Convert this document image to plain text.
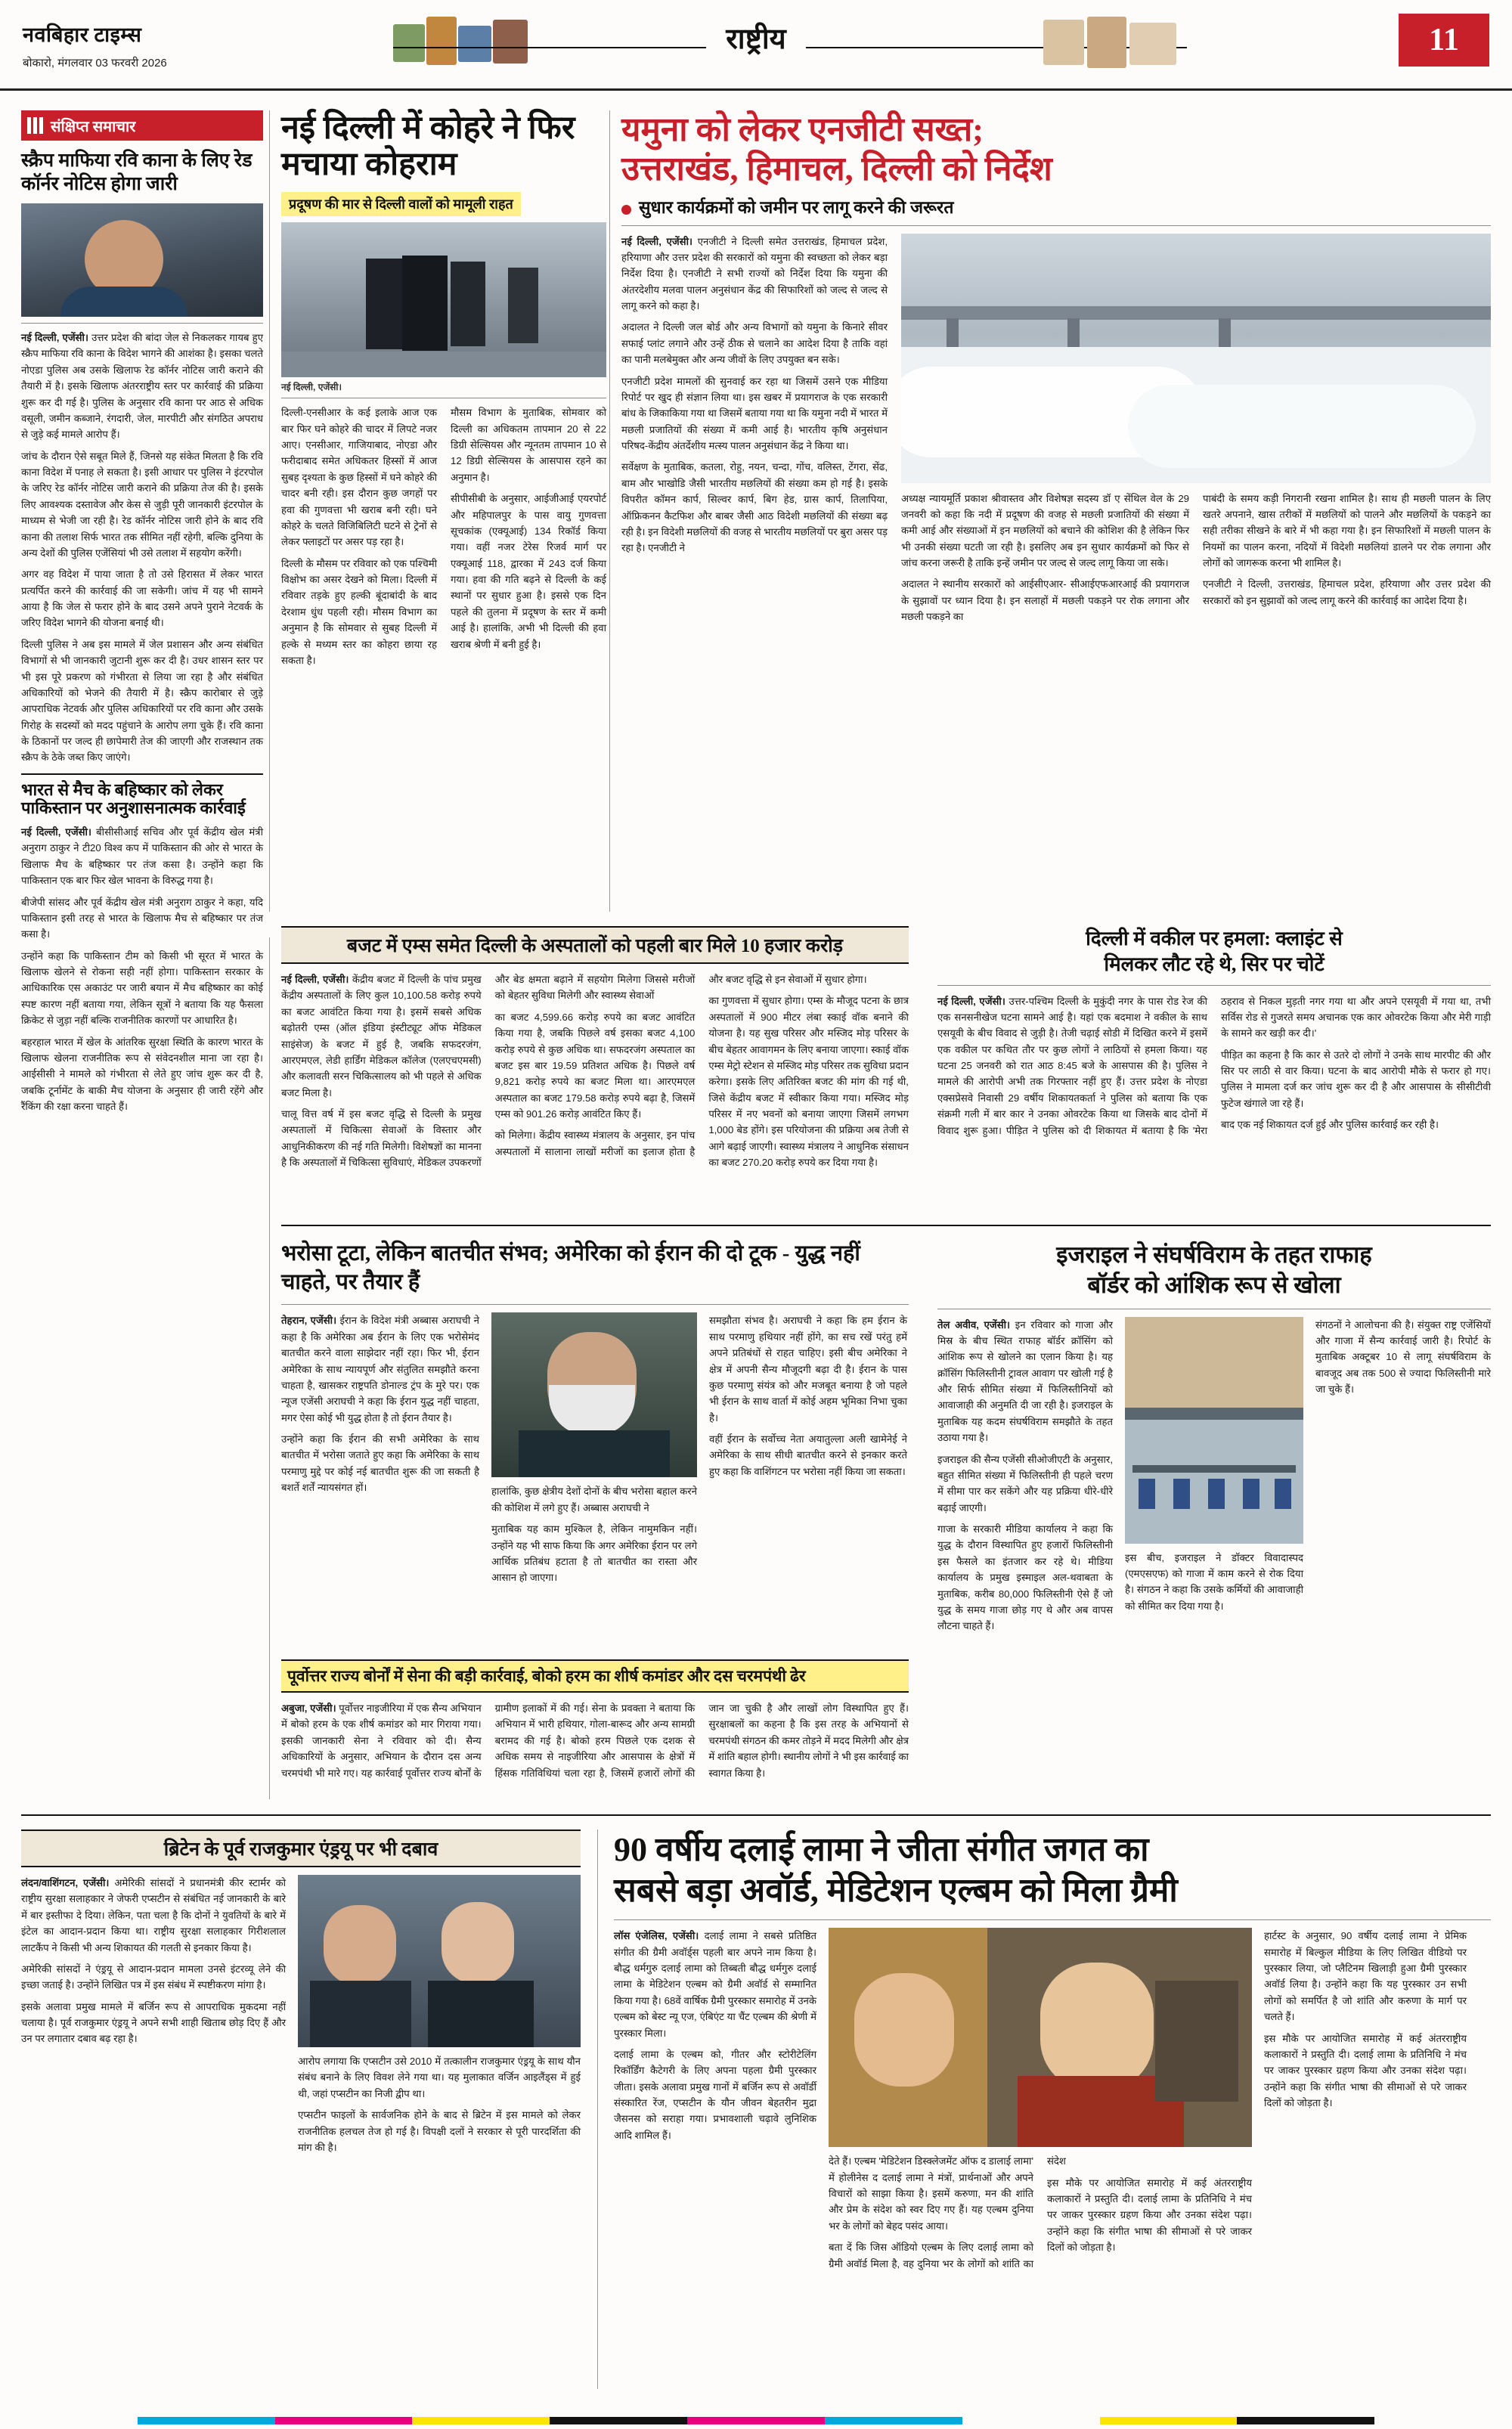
नवबिहार टाइम्स
बोकारो, मंगलवार 03 फरवरी 2026
राष्ट्रीय	11
संक्षिप्त समाचार
स्क्रैप माफिया रवि काना के लिए रेड कॉर्नर नोटिस होगा जारी

नई दिल्ली, एजेंसी। उत्तर प्रदेश की बांदा जेल से निकलकर गायब हुए स्क्रैप माफिया रवि काना के विदेश भागने की आशंका है। इसका चलते नोएडा पुलिस अब उसके खिलाफ रेड कॉर्नर नोटिस जारी कराने की तैयारी में है। इसके खिलाफ अंतरराष्ट्रीय स्तर पर कार्रवाई की प्रक्रिया शुरू कर दी गई है। पुलिस के अनुसार रवि काना पर आठ से अधिक वसूली, जमीन कब्जाने, रंगदारी, जेल, मारपीटी और संगठित अपराध से जुड़े कई मामले आरोप हैं।

जांच के दौरान ऐसे सबूत मिले हैं, जिनसे यह संकेत मिलता है कि रवि काना विदेश में पनाह ले सकता है। इसी आधार पर पुलिस ने इंटरपोल के जरिए रेड कॉर्नर नोटिस जारी कराने की प्रक्रिया तेज की है। इसके लिए आवश्यक दस्तावेज और केस से जुड़ी पूरी जानकारी इंटरपोल के माध्यम से भेजी जा रही है। रेड कॉर्नर नोटिस जारी होने के बाद रवि काना की तलाश सिर्फ भारत तक सीमित नहीं रहेगी, बल्कि दुनिया के अन्य देशों की पुलिस एजेंसियां भी उसे तलाश में सहयोग करेंगी।

अगर वह विदेश में पाया जाता है तो उसे हिरासत में लेकर भारत प्रत्यर्पित करने की कार्रवाई की जा सकेगी। जांच में यह भी सामने आया है कि जेल से फरार होने के बाद उसने अपने पुराने नेटवर्क के जरिए विदेश भागने की योजना बनाई थी।

दिल्ली पुलिस ने अब इस मामले में जेल प्रशासन और अन्य संबंधित विभागों से भी जानकारी जुटानी शुरू कर दी है। उधर शासन स्तर पर भी इस पूरे प्रकरण को गंभीरता से लिया जा रहा है और संबंधित अधिकारियों को भेजने की तैयारी में है। स्क्रैप कारोबार से जुड़े आपराधिक नेटवर्क और पुलिस अधिकारियों पर रवि काना और उसके गिरोह के सदस्यों को मदद पहुंचाने के आरोप लगा चुके हैं। रवि काना के ठिकानों पर जल्द ही छापेमारी तेज की जाएगी और राजस्थान तक स्क्रैप के ठेके जब्त किए जाएंगे।

भारत से मैच के बहिष्कार को लेकर पाकिस्तान पर अनुशासनात्मक कार्रवाई

नई दिल्ली, एजेंसी। बीसीसीआई सचिव और पूर्व केंद्रीय खेल मंत्री अनुराग ठाकुर ने टी20 विश्व कप में पाकिस्तान की ओर से भारत के खिलाफ मैच के बहिष्कार पर तंज कसा है। उन्होंने कहा कि पाकिस्तान एक बार फिर खेल भावना के विरुद्ध गया है।

बीजेपी सांसद और पूर्व केंद्रीय खेल मंत्री अनुराग ठाकुर ने कहा, यदि पाकिस्तान इसी तरह से भारत के खिलाफ मैच से बहिष्कार पर तंज कसा है।

उन्होंने कहा कि पाकिस्तान टीम को किसी भी सूरत में भारत के खिलाफ खेलने से रोकना सही नहीं होगा। पाकिस्तान सरकार के आधिकारिक एस अकाउंट पर जारी बयान में मैच बहिष्कार का कोई स्पष्ट कारण नहीं बताया गया, लेकिन सूत्रों ने बताया कि यह फैसला क्रिकेट से जुड़ा नहीं बल्कि राजनीतिक कारणों पर आधारित है।

बहरहाल भारत में खेल के आंतरिक सुरक्षा स्थिति के कारण भारत के खिलाफ खेलना राजनीतिक रूप से संवेदनशील माना जा रहा है। आईसीसी ने मामले को गंभीरता से लेते हुए जांच शुरू कर दी है, जबकि टूर्नामेंट के बाकी मैच योजना के अनुसार ही जारी रहेंगे और रैंकिंग की रक्षा करना चाहते हैं।

नई दिल्ली में कोहरे ने फिर मचाया कोहराम
प्रदूषण की मार से दिल्ली वालों को मामूली राहत
नई दिल्ली, एजेंसी।

दिल्ली-एनसीआर के कई इलाके आज एक बार फिर घने कोहरे की चादर में लिपटे नजर आए। एनसीआर, गाजियाबाद, नोएडा और फरीदाबाद समेत अधिकतर हिस्सों में आज सुबह दृश्यता के कुछ हिस्सों में घने कोहरे की चादर बनी रही। इस दौरान कुछ जगहों पर हवा की गुणवत्ता भी खराब बनी रही। घने कोहरे के चलते विजिबिलिटी घटने से ट्रेनों से लेकर फ्लाइटों पर असर पड़ रहा है।

दिल्ली के मौसम पर रविवार को एक पश्चिमी विक्षोभ का असर देखने को मिला। दिल्ली में रविवार तड़के हुए हल्की बूंदाबांदी के बाद देरशाम धुंध पहली रही। मौसम विभाग का अनुमान है कि सोमवार से सुबह दिल्ली में हल्के से मध्यम स्तर का कोहरा छाया रह सकता है।

मौसम विभाग के मुताबिक, सोमवार को दिल्ली का अधिकतम तापमान 20 से 22 डिग्री सेल्सियस और न्यूनतम तापमान 10 से 12 डिग्री सेल्सियस के आसपास रहने का अनुमान है।

सीपीसीबी के अनुसार, आईजीआई एयरपोर्ट और महिपालपुर के पास वायु गुणवत्ता सूचकांक (एक्यूआई) 134 रिकॉर्ड किया गया। वहीं नजर टेरेस रिजर्व मार्ग पर एक्यूआई 118, द्वारका में 243 दर्ज किया गया। हवा की गति बढ़ने से दिल्ली के कई स्थानों पर सुधार हुआ है। इससे एक दिन पहले की तुलना में प्रदूषण के स्तर में कमी आई है। हालांकि, अभी भी दिल्ली की हवा खराब श्रेणी में बनी हुई है।

यमुना को लेकर एनजीटी सख्त;
उत्तराखंड, हिमाचल, दिल्ली को निर्देश
सुधार कार्यक्रमों को जमीन पर लागू करने की जरूरत

नई दिल्ली, एजेंसी। एनजीटी ने दिल्ली समेत उत्तराखंड, हिमाचल प्रदेश, हरियाणा और उत्तर प्रदेश की सरकारों को यमुना की स्वच्छता को लेकर बड़ा निर्देश दिया है। एनजीटी ने सभी राज्यों को निर्देश दिया कि यमुना की अंतरदेशीय मलवा पालन अनुसंधान केंद्र की सिफारिशों को जल्द से जल्द से लागू करने को कहा है।

अदालत ने दिल्ली जल बोर्ड और अन्य विभागों को यमुना के किनारे सीवर सफाई प्लांट लगाने और उन्हें ठीक से चलाने का आदेश दिया है ताकि वहां का पानी मलबेमुक्त और अन्य जीवों के लिए उपयुक्त बन सके।

एनजीटी प्रदेश मामलों की सुनवाई कर रहा था जिसमें उसने एक मीडिया रिपोर्ट पर खुद ही संज्ञान लिया था। इस खबर में प्रयागराज के एक सरकारी बांध के जिकाकिया गया था जिसमें बताया गया था कि यमुना नदी में भारत में मछली प्रजातियों की संख्या में कमी आई है। भारतीय कृषि अनुसंधान परिषद-केंद्रीय अंतर्देशीय मत्स्य पालन अनुसंधान केंद्र ने किया था।

सर्वेक्षण के मुताबिक, कतला, रोहु, नयन, चन्दा, गोंच, वलिस्त, टेंगरा, सेंढ, बाम और भाखोडि जैसी भारतीय मछलियों की संख्या कम हो गई है। इसके विपरीत कॉमन कार्प, सिल्वर कार्प, बिग हेड, ग्रास कार्प, तिलापिया, ऑफ्रिकनन कैटफिश और बाबर जैसी आठ विदेशी मछलियों की संख्या बढ़ रही है। इन विदेशी मछलियों की वजह से भारतीय मछलियों पर बुरा असर पड़ रहा है। एनजीटी ने

अध्यक्ष न्यायमूर्ति प्रकाश श्रीवास्तव और विशेषज्ञ सदस्य डॉ ए सेंथिल वेल के 29 जनवरी को कहा कि नदी में प्रदूषण की वजह से मछली प्रजातियों की संख्या में कमी आई और संख्याओं में इन मछलियों को बचाने की कोशिश की है लेकिन फिर भी उनकी संख्या घटती जा रही है। इसलिए अब इन सुधार कार्यक्रमों को फिर से जांच करना जरूरी है ताकि इन्हें जमीन पर जल्द से जल्द लागू किया जा सके।

अदालत ने स्थानीय सरकारों को आईसीएआर- सीआईएफआरआई की प्रयागराज के सुझावों पर ध्यान दिया है। इन सलाहों में मछली पकड़ने पर रोक लगाना और मछली पकड़ने का

पाबंदी के समय कड़ी निगरानी रखना शामिल है। साथ ही मछली पालन के लिए खतरे अपनाने, खास तरीकों में मछलियों को पालने और मछलियों के पकड़ने का सही तरीका सीखने के बारे में भी कहा गया है। इन सिफारिशों में मछली पालन के नियमों का पालन करना, नदियों में विदेशी मछलियां डालने पर रोक लगाना और लोगों को जागरूक करना भी शामिल है।

एनजीटी ने दिल्ली, उत्तराखंड, हिमाचल प्रदेश, हरियाणा और उत्तर प्रदेश की सरकारों को इन सुझावों को जल्द लागू करने की कार्रवाई का आदेश दिया है।

बजट में एम्स समेत दिल्ली के अस्पतालों को पहली बार मिले 10 हजार करोड़

नई दिल्ली, एजेंसी। केंद्रीय बजट में दिल्ली के पांच प्रमुख केंद्रीय अस्पतालों के लिए कुल 10,100.58 करोड़ रुपये का बजट आवंटित किया गया है। इसमें सबसे अधिक बढ़ोतरी एम्स (ऑल इंडिया इंस्टीट्यूट ऑफ मेडिकल साइंसेज) के बजट में हुई है, जबकि सफदरजंग, आरएमएल, लेडी हार्डिंग मेडिकल कॉलेज (एलएचएमसी) और कलावती सरन चिकित्सालय को भी पहले से अधिक बजट मिला है।

चालू वित्त वर्ष में इस बजट वृद्धि से दिल्ली के प्रमुख अस्पतालों में चिकित्सा सेवाओं के विस्तार और आधुनिकीकरण की नई गति मिलेगी। विशेषज्ञों का मानना है कि अस्पतालों में चिकित्सा सुविधाएं, मेडिकल उपकरणों और बेड क्षमता बढ़ाने में सहयोग मिलेगा जिससे मरीजों को बेहतर सुविधा मिलेगी और स्वास्थ्य सेवाओं

का बजट 4,599.66 करोड़ रुपये का बजट आवंटित किया गया है, जबकि पिछले वर्ष इसका बजट 4,100 करोड़ रुपये से कुछ अधिक था। सफदरजंग अस्पताल का बजट इस बार 19.59 प्रतिशत अधिक है। पिछले वर्ष 9,821 करोड़ रुपये का बजट मिला था। आरएमएल अस्पताल का बजट 179.58 करोड़ रुपये बढ़ा है, जिसमें एम्स को 901.26 करोड़ आवंटित किए हैं।

को मिलेगा। केंद्रीय स्वास्थ्य मंत्रालय के अनुसार, इन पांच अस्पतालों में सालाना लाखों मरीजों का इलाज होता है और बजट वृद्धि से इन सेवाओं में सुधार होगा।

का गुणवत्ता में सुधार होगा। एम्स के मौजूद पटना के छात्र अस्पतालों में 900 मीटर लंबा स्काई वॉक बनाने की योजना है। यह सुख परिसर और मस्जिद मोड़ परिसर के बीच बेहतर आवागमन के लिए बनाया जाएगा। स्काई वॉक एम्स मेट्रो स्टेशन से मस्जिद मोड़ परिसर तक सुविधा प्रदान करेगा। इसके लिए अतिरिक्त बजट की मांग की गई थी, जिसे केंद्रीय बजट में स्वीकार किया गया। मस्जिद मोड़ परिसर में नए भवनों को बनाया जाएगा जिसमें लगभग 1,000 बेड होंगे। इस परियोजना की प्रक्रिया अब तेजी से आगे बढ़ाई जाएगी। स्वास्थ्य मंत्रालय ने आधुनिक संसाधन का बजट 270.20 करोड़ रुपये कर दिया गया है।

दिल्ली में वकील पर हमला: क्लाइंट से
मिलकर लौट रहे थे, सिर पर चोटें

नई दिल्ली, एजेंसी। उत्तर-पश्चिम दिल्ली के मुकुंदी नगर के पास रोड रेज की एक सनसनीखेज घटना सामने आई है। यहां एक बदमाश ने वकील के साथ एसयूवी के बीच विवाद से जुड़ी है। तेजी चढ़ाई सोडी में दिखित करने में इसमें एक वकील पर कथित तौर पर कुछ लोगों ने लाठियों से हमला किया। यह घटना 25 जनवरी को रात आठ 8:45 बजे के आसपास की है। पुलिस ने मामले की आरोपी अभी तक गिरफ्तार नहीं हुए हैं। उत्तर प्रदेश के नोएडा एक्सप्रेसवे निवासी 29 वर्षीय शिकायतकर्ता ने पुलिस को बताया कि एक संक्रमी गली में बार कार ने उनका ओवरटेक किया था जिसके बाद दोनों में विवाद शुरू हुआ। पीड़ित ने पुलिस को दी शिकायत में बताया है कि 'मेरा ठहराव से निकल मुड़ती नगर गया था और अपने एसयूवी में गया था, तभी सर्विस रोड से गुजरते समय अचानक एक कार ओवरटेक किया और मेरी गाड़ी के सामने कर खड़ी कर दी।'

पीड़ित का कहना है कि कार से उतरे दो लोगों ने उनके साथ मारपीट की और सिर पर लाठी से वार किया। घटना के बाद आरोपी मौके से फरार हो गए। पुलिस ने मामला दर्ज कर जांच शुरू कर दी है और आसपास के सीसीटीवी फुटेज खंगाले जा रहे हैं।

बाद एक नई शिकायत दर्ज हुई और पुलिस कार्रवाई कर रही है।

भरोसा टूटा, लेकिन बातचीत संभव; अमेरिका को ईरान की दो टूक - युद्ध नहीं चाहते, पर तैयार हैं

तेहरान, एजेंसी। ईरान के विदेश मंत्री अब्बास अराघची ने कहा है कि अमेरिका अब ईरान के लिए एक भरोसेमंद बातचीत करने वाला साझेदार नहीं रहा। फिर भी, ईरान अमेरिका के साथ न्यायपूर्ण और संतुलित समझौते करना चाहता है, खासकर राष्ट्रपति डोनाल्ड ट्रंप के मुरे पर। एक न्यूज एजेंसी अराघची ने कहा कि ईरान युद्ध नहीं चाहता, मगर ऐसा कोई भी युद्ध होता है तो ईरान तैयार है।

उन्होंने कहा कि ईरान की सभी अमेरिका के साथ बातचीत में भरोसा जताते हुए कहा कि अमेरिका के साथ परमाणु मुद्दे पर कोई नई बातचीत शुरू की जा सकती है बशर्ते शर्तें न्यायसंगत हों।	हालांकि, कुछ क्षेत्रीय देशों दोनों के बीच भरोसा बहाल करने की कोशिश में लगे हुए हैं। अब्बास अराघची ने

मुताबिक यह काम मुश्किल है, लेकिन नामुमकिन नहीं। उन्होंने यह भी साफ किया कि अगर अमेरिका ईरान पर लगे आर्थिक प्रतिबंध हटाता है तो बातचीत का रास्ता और आसान हो जाएगा।

समझौता संभव है। अराघची ने कहा कि हम ईरान के साथ परमाणु हथियार नहीं होंगे, का सच रखें परंतु हमें अपने प्रतिबंधों से राहत चाहिए। इसी बीच अमेरिका ने क्षेत्र में अपनी सैन्य मौजूदगी बढ़ा दी है। ईरान के पास कुछ परमाणु संयंत्र को और मजबूत बनाया है जो पहले भी ईरान के साथ वार्ता में कोई अहम भूमिका निभा चुका है।

वहीं ईरान के सर्वोच्च नेता अयातुल्ला अली खामेनेई ने अमेरिका के साथ सीधी बातचीत करने से इनकार करते हुए कहा कि वाशिंगटन पर भरोसा नहीं किया जा सकता।

इजराइल ने संघर्षविराम के तहत राफाह
बॉर्डर को आंशिक रूप से खोला

तेल अवीव, एजेंसी। इन रविवार को गाजा और मिस्र के बीच स्थित राफाह बॉर्डर क्रॉसिंग को आंशिक रूप से खोलने का एलान किया है। यह क्रॉसिंग फिलिस्तीनी ट्रावल आवाग पर खोली गई है और सिर्फ सीमित संख्या में फिलिस्तीनियों को आवाजाही की अनुमति दी जा रही है। इजराइल के मुताबिक यह कदम संघर्षविराम समझौते के तहत उठाया गया है।

इजराइल की सैन्य एजेंसी सीओजीएटी के अनुसार, बहुत सीमित संख्या में फिलिस्तीनी ही पहले चरण में सीमा पार कर सकेंगे और यह प्रक्रिया धीरे-धीरे बढ़ाई जाएगी।

गाजा के सरकारी मीडिया कार्यालय ने कहा कि युद्ध के दौरान विस्थापित हुए हजारों फिलिस्तीनी इस फैसले का इंतजार कर रहे थे। मीडिया कार्यालय के प्रमुख इस्माइल अल-थवाबता के मुताबिक, करीब 80,000 फिलिस्तीनी ऐसे हैं जो युद्ध के समय गाजा छोड़ गए थे और अब वापस लौटना चाहते हैं।

इस बीच, इजराइल ने डॉक्टर विवादास्पद (एमएसएफ) को गाजा में काम करने से रोक दिया है। संगठन ने कहा कि उसके कर्मियों की आवाजाही को सीमित कर दिया गया है।

संगठनों ने आलोचना की है। संयुक्त राष्ट्र एजेंसियों और गाजा में सैन्य कार्रवाई जारी है। रिपोर्ट के मुताबिक अक्टूबर 10 से लागू संघर्षविराम के बावजूद अब तक 500 से ज्यादा फिलिस्तीनी मारे जा चुके हैं।

पूर्वोत्तर राज्य बोर्नों में सेना की बड़ी कार्रवाई, बोको हरम का शीर्ष कमांडर और दस चरमपंथी ढेर

अबुजा, एजेंसी। पूर्वोत्तर नाइजीरिया में एक सैन्य अभियान में बोको हरम के एक शीर्ष कमांडर को मार गिराया गया। इसकी जानकारी सेना ने रविवार को दी। सैन्य अधिकारियों के अनुसार, अभियान के दौरान दस अन्य चरमपंथी भी मारे गए। यह कार्रवाई पूर्वोत्तर राज्य बोर्नों के ग्रामीण इलाकों में की गई। सेना के प्रवक्ता ने बताया कि अभियान में भारी हथियार, गोला-बारूद और अन्य सामग्री बरामद की गई है। बोको हरम पिछले एक दशक से अधिक समय से नाइजीरिया और आसपास के क्षेत्रों में हिंसक गतिविधियां चला रहा है, जिसमें हजारों लोगों की जान जा चुकी है और लाखों लोग विस्थापित हुए हैं। सुरक्षाबलों का कहना है कि इस तरह के अभियानों से चरमपंथी संगठन की कमर तोड़ने में मदद मिलेगी और क्षेत्र में शांति बहाल होगी। स्थानीय लोगों ने भी इस कार्रवाई का स्वागत किया है।

ब्रिटेन के पूर्व राजकुमार एंड्रयू पर भी दबाव

लंदन/वाशिंगटन, एजेंसी। अमेरिकी सांसदों ने प्रधानमंत्री कीर स्टार्मर को राष्ट्रीय सुरक्षा सलाहकार ने जेफरी एप्सटीन से संबंधित नई जानकारी के बारे में बार इस्तीफा दे दिया। लेकिन, पता चला है कि दोनों ने युवतियों के बारे में इंटेल का आदान-प्रदान किया था। राष्ट्रीय सुरक्षा सलाहकार गिरीशलाल लाटकैंप ने किसी भी अन्य शिकायत की गलती से इनकार किया है।

अमेरिकी सांसदों ने एंड्रयू से आदान-प्रदान मामला उनसे इंटरव्यू लेने की इच्छा जताई है। उन्होंने लिखित पत्र में इस संबंध में स्पष्टीकरण मांगा है।

इसके अलावा प्रमुख मामले में बर्जिन रूप से आपराधिक मुकदमा नहीं चलाया है। पूर्व राजकुमार एंड्रयू ने अपने सभी शाही खिताब छोड़ दिए हैं और उन पर लगातार दबाव बढ़ रहा है।

आरोप लगाया कि एप्सटीन उसे 2010 में तत्कालीन राजकुमार एंड्रयू के साथ यौन संबंध बनाने के लिए विवश लेने गया था। यह मुलाकात वर्जिन आइलैंड्स में हुई थी, जहां एप्सटीन का निजी द्वीप था।

एप्सटीन फाइलों के सार्वजनिक होने के बाद से ब्रिटेन में इस मामले को लेकर राजनीतिक हलचल तेज हो गई है। विपक्षी दलों ने सरकार से पूरी पारदर्शिता की मांग की है।

90 वर्षीय दलाई लामा ने जीता संगीत जगत का
सबसे बड़ा अवॉर्ड, मेडिटेशन एल्बम को मिला ग्रैमी

लॉस एंजेलिस, एजेंसी। दलाई लामा ने सबसे प्रतिष्ठित संगीत की ग्रैमी अवॉर्ड्स पहली बार अपने नाम किया है। बौद्ध धर्मगुरु दलाई लामा को तिब्बती बौद्ध धर्मगुरु दलाई लामा के मेडिटेशन एल्बम को ग्रैमी अवॉर्ड से सम्मानित किया गया है। 68वें वार्षिक ग्रैमी पुरस्कार समारोह में उनके एल्बम को बेस्ट न्यू एज, एंबिएंट या चैंट एल्बम की श्रेणी में पुरस्कार मिला।

दलाई लामा के एल्बम को, गीतर और स्टोरीटेलिंग रिकॉर्डिंग कैटेगरी के लिए अपना पहला ग्रैमी पुरस्कार जीता। इसके अलावा प्रमुख गानों में बर्जिन रूप से अवॉर्डी संस्कारित रेंज, एप्सटीन के यौन जीवन बेहतरीन मुद्रा जैसनस को सराहा गया। प्रभावशाली चढ़ावे लुनिशिक आदि शामिल हैं।

देते हैं। एल्बम 'मेडिटेशन डिस्क्लेजमेंट ऑफ द डालाई लामा' में होलीनेस द दलाई लामा ने मंत्रों, प्रार्थनाओं और अपने विचारों को साझा किया है। इसमें करुणा, मन की शांति और प्रेम के संदेश को स्वर दिए गए हैं। यह एल्बम दुनिया भर के लोगों को बेहद पसंद आया।

बता दें कि जिस ऑडियो एल्बम के लिए दलाई लामा को ग्रैमी अवॉर्ड मिला है, वह दुनिया भर के लोगों को शांति का संदेश

इस मौके पर आयोजित समारोह में कई अंतरराष्ट्रीय कलाकारों ने प्रस्तुति दी। दलाई लामा के प्रतिनिधि ने मंच पर जाकर पुरस्कार ग्रहण किया और उनका संदेश पढ़ा। उन्होंने कहा कि संगीत भाषा की सीमाओं से परे जाकर दिलों को जोड़ता है।

हार्टस्ट के अनुसार, 90 वर्षीय दलाई लामा ने प्रेमिक समारोह में बिल्कुल मीडिया के लिए लिखित वीडियो पर पुरस्कार लिया, जो प्लैटिनम खिलाड़ी हुआ ग्रैमी पुरस्कार अवॉर्ड लिया है। उन्होंने कहा कि यह पुरस्कार उन सभी लोगों को समर्पित है जो शांति और करुणा के मार्ग पर चलते हैं।

इस मौके पर आयोजित समारोह में कई अंतरराष्ट्रीय कलाकारों ने प्रस्तुति दी। दलाई लामा के प्रतिनिधि ने मंच पर जाकर पुरस्कार ग्रहण किया और उनका संदेश पढ़ा। उन्होंने कहा कि संगीत भाषा की सीमाओं से परे जाकर दिलों को जोड़ता है।
